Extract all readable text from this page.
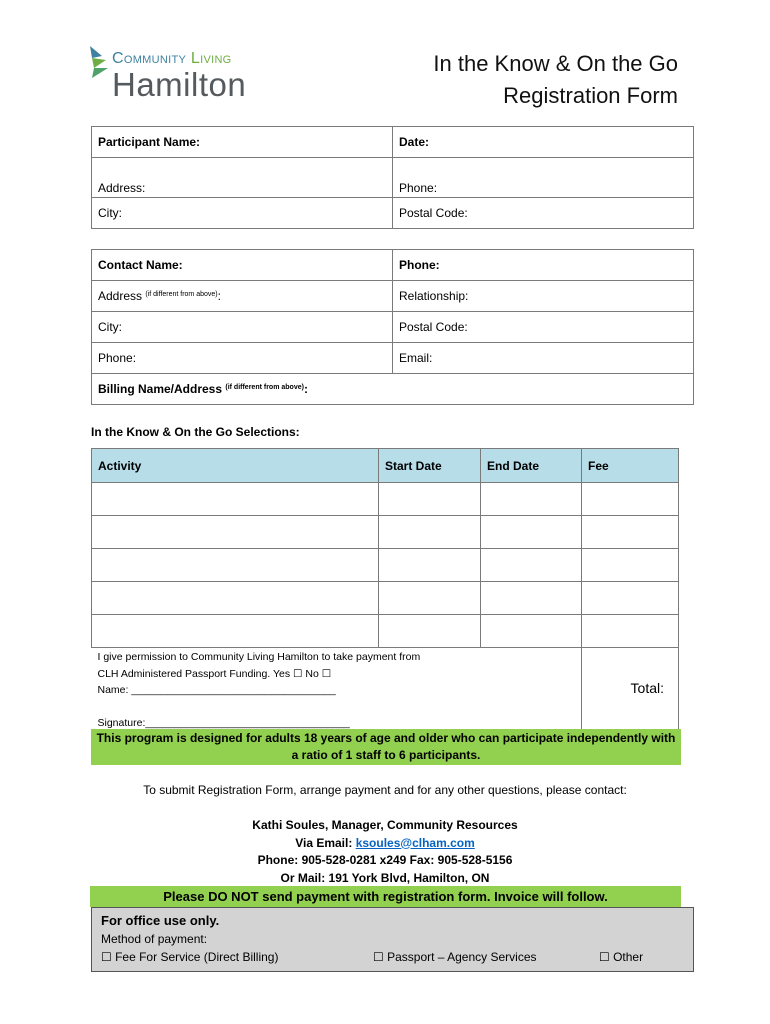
Community Living
Hamilton
In the Know & On the Go
Registration Form
Participant Name:	Date:
Address:	Phone:
City:	Postal Code:
Contact Name:	Phone:
Address $^{(if different from above)}$:	Relationship:
City:	Postal Code:
Phone:	Email:
Billing Name/Address $^{(if different from above)}$:	
In the Know & On the Go Selections:
Activity	Start Date	End Date	Fee

I give permission to Community Living Hamilton to take payment from
CLH Administered Passport Funding. Yes ☐ No ☐
Name: ___________________________________
Signature:___________________________________			

Total:
This program is designed for adults 18 years of age and older who can participate independently with
a ratio of 1 staff to 6 participants.
To submit Registration Form, arrange payment and for any other questions, please contact:
Kathi Soules, Manager, Community Resources
Via Email: ksoules@clham.com
Phone: 905-528-0281 x249 Fax: 905-528-5156
Or Mail: 191 York Blvd, Hamilton, ON
Please DO NOT send payment with registration form. Invoice will follow.
For office use only.
Method of payment:
☐ Fee For Service (Direct Billing)	☐ Passport – Agency Services	☐ Other
